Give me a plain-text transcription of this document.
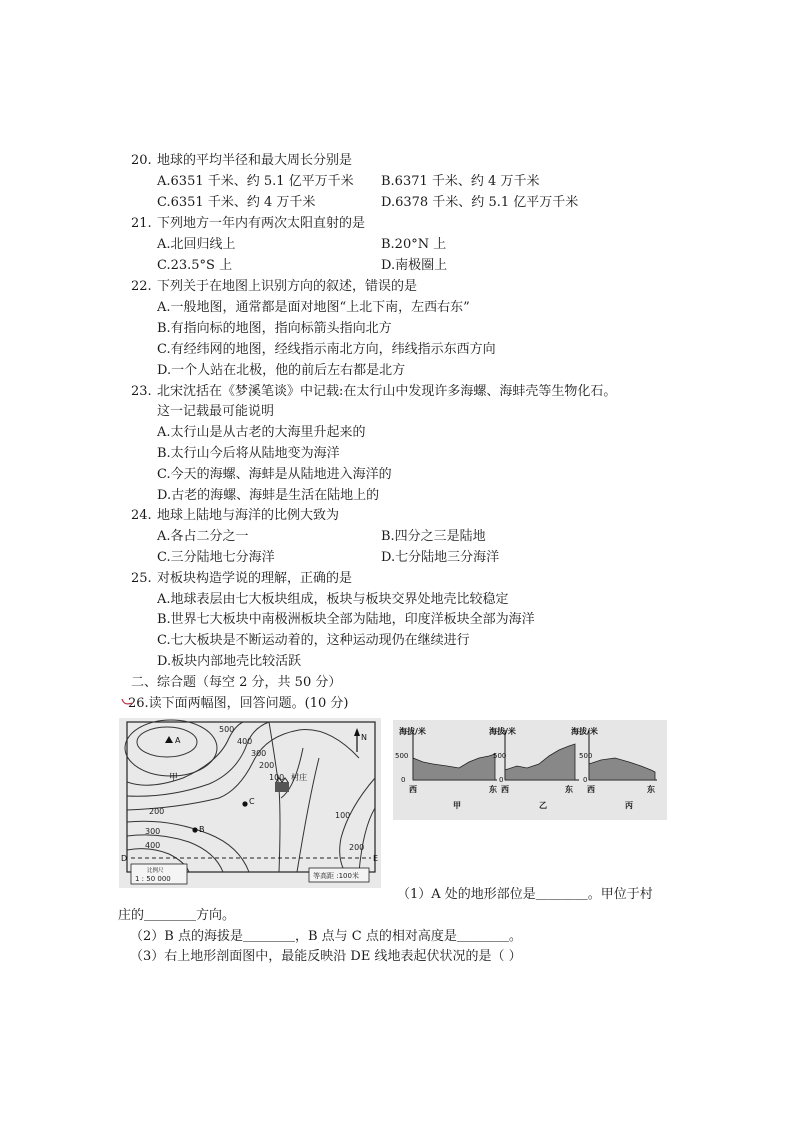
20. 地球的平均半径和最大周长分别是
A.6351 千米、约 5.1 亿平万千米 B.6371 千米、约 4 万千米
C.6351 千米、约 4 万千米	D.6378 千米、约 5.1 亿平万千米
21. 下列地方一年内有两次太阳直射的是
A.北回归线上	B.20°N 上
C.23.5°S 上	D.南极圈上
22. 下列关于在地图上识别方向的叙述，错误的是
A.一般地图，通常都是面对地图“上北下南，左西右东”
B.有指向标的地图，指向标箭头指向北方
C.有经纬网的地图，经线指示南北方向，纬线指示东西方向
D.一个人站在北极，他的前后左右都是北方
23. 北宋沈括在《梦溪笔谈》中记载:在太行山中发现许多海螺、海蚌壳等生物化石。
这一记载最可能说明
A.太行山是从古老的大海里升起来的
B.太行山今后将从陆地变为海洋
C.今天的海螺、海蚌是从陆地进入海洋的
D.古老的海螺、海蚌是生活在陆地上的
24. 地球上陆地与海洋的比例大致为
A.各占二分之一	B.四分之三是陆地
C.三分陆地七分海洋	D.七分陆地三分海洋
25. 对板块构造学说的理解，正确的是
A.地球表层由七大板块组成，板块与板块交界处地壳比较稳定
B.世界七大板块中南极洲板块全部为陆地，印度洋板块全部为海洋
C.七大板块是不断运动着的，这种运动现仍在继续进行
D.板块内部地壳比较活跃
二、综合题（每空 2 分，共 50 分）
26.读下面两幅图，回答问题。(10 分)
500
400
300
200
100
200
300
400
100
200
A
甲
B
C
村庄
D	E
N
比例尺
1 : 50 000	等高距 :100米
海拔/米
500
0
西	东
甲
海拔/米
0
西	东
乙
海拔/米
500
0
西	东
丙
500
（1）A 处的地形部位是＿＿＿＿。甲位于村
庄的＿＿＿＿方向。
（2）B 点的海拔是＿＿＿＿，B 点与 C 点的相对高度是＿＿＿＿。
（3）右上地形剖面图中，最能反映沿 DE 线地表起伏状况的是（ ）
